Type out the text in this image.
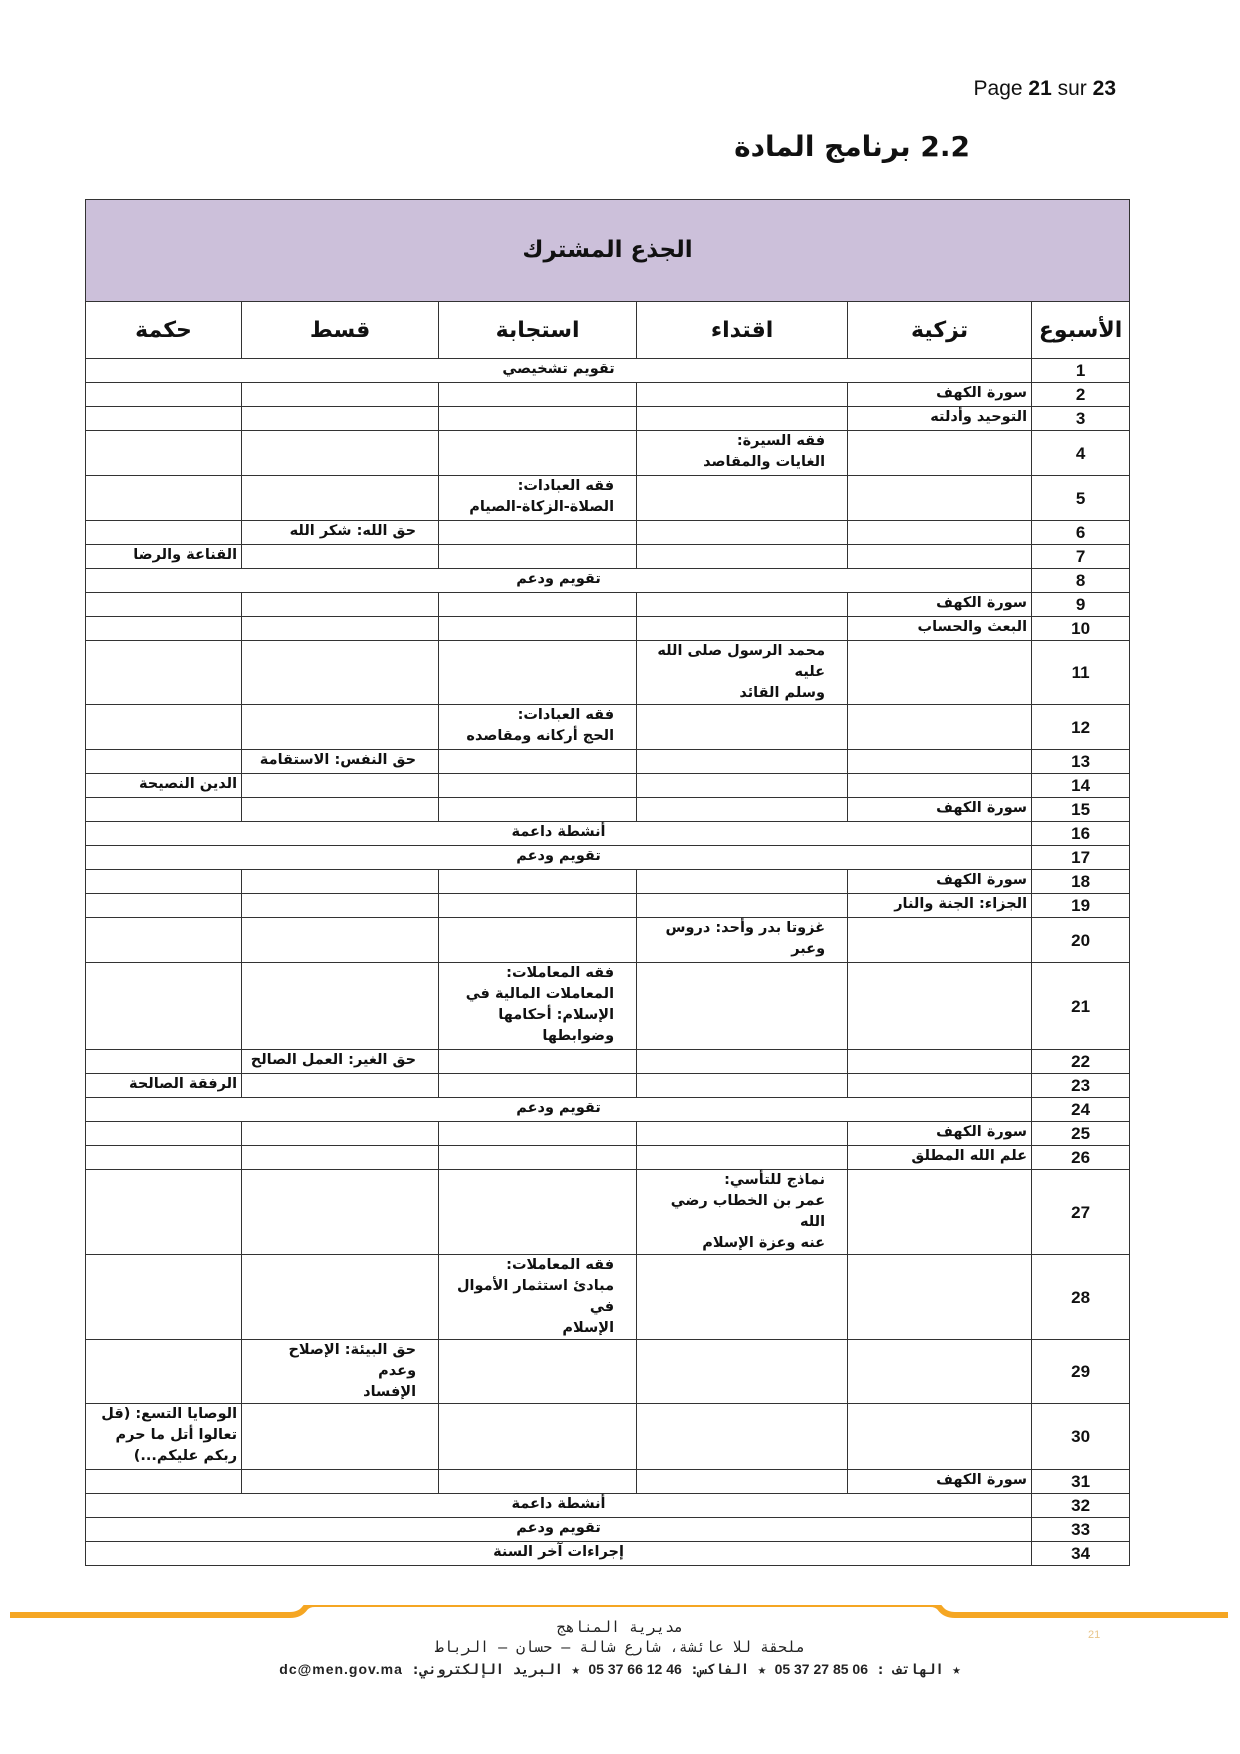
Page 21 sur 23
2.2 برنامج المادة
الجذع المشترك					
الأسبوع	تزكية	اقتداء	استجابة	قسط	حكمة
1	تقويم تشخيصي				
2	سورة الكهف				

3	التوحيد وأدلته				

4		فقه السيرة:
الغايات والمقاصد			

5			فقه العبادات:
الصلاة-الزكاة-الصيام		

6				حق الله: شكر الله	

7					القناعة والرضا

8	تقويم ودعم				
9	سورة الكهف				

10	البعث والحساب				

11		محمد الرسول صلى الله عليه
وسلم القائد			

12			فقه العبادات:
الحج أركانه ومقاصده		

13				حق النفس: الاستقامة	

14					الدين النصيحة

15	سورة الكهف				

16	أنشطة داعمة				
17	تقويم ودعم				
18	سورة الكهف				

19	الجزاء: الجنة والنار				

20		غزوتا بدر وأحد: دروس
وعبر			

21			فقه المعاملات:
المعاملات المالية في
الإسلام: أحكامها
وضوابطها		

22				حق الغير: العمل الصالح	

23					الرفقة الصالحة

24	تقويم ودعم				
25	سورة الكهف				

26	علم الله المطلق				

27		نماذج للتأسي:
عمر بن الخطاب رضي الله
عنه وعزة الإسلام			

28			فقه المعاملات:
مبادئ استثمار الأموال في
الإسلام		

29				حق البيئة: الإصلاح وعدم
الإفساد	

30					الوصايا التسع: (قل
تعالوا أتل ما حرم
ربكم عليكم...)

31	سورة الكهف				

32	أنشطة داعمة				
33	تقويم ودعم				
34	إجراءات آخر السنة				
مديرية المناهج
ملحقة للا عائشة، شارع شالة – حسان – الرباط
★ الهاتف : 05 37 27 85 06 ★ الفاكس: 05 37 66 12 46 ★ البريد الإلكتروني: dc@men.gov.ma
21
